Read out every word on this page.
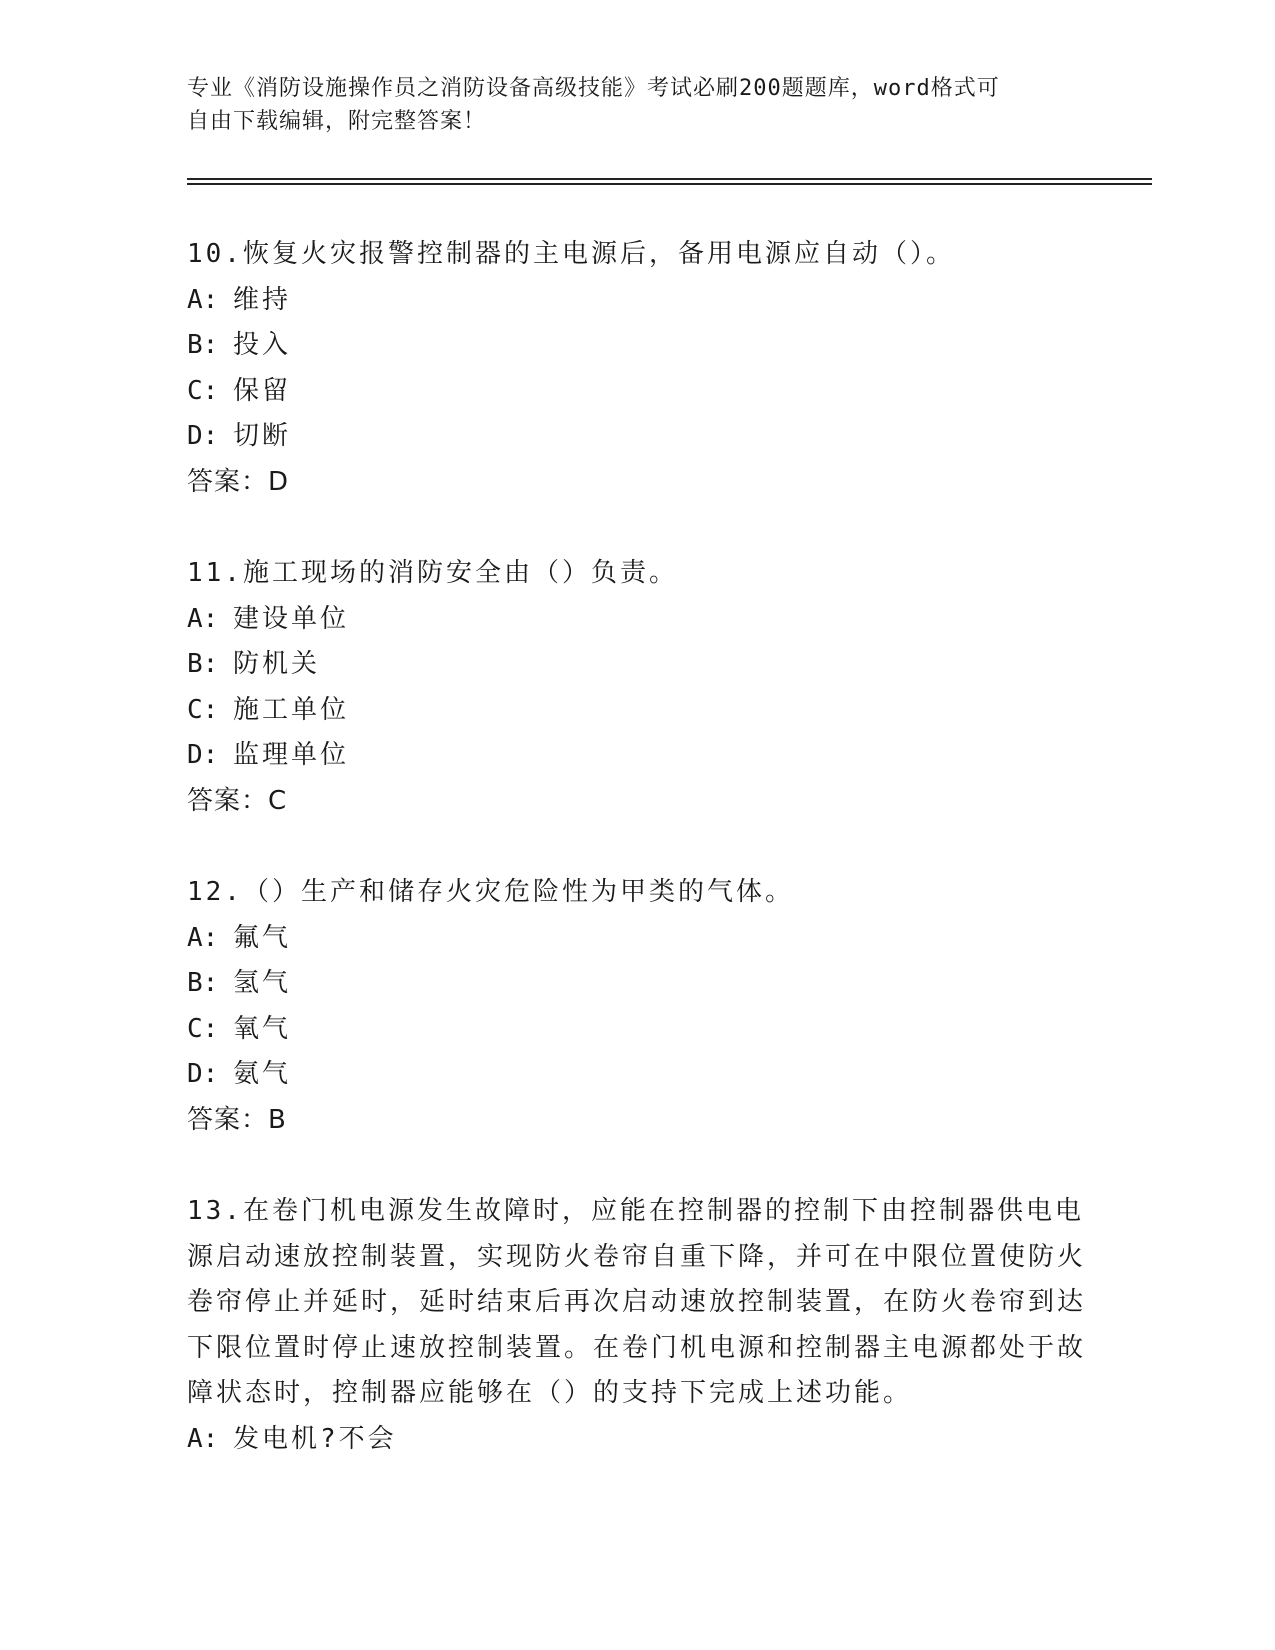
专业《消防设施操作员之消防设备高级技能》考试必刷200题题库，word格式可
自由下载编辑，附完整答案！

10.恢复火灾报警控制器的主电源后，备用电源应自动（）。

A: 维持

B: 投入

C: 保留

D: 切断

答案：D

11.施工现场的消防安全由（）负责。

A: 建设单位

B: 防机关

C: 施工单位

D: 监理单位

答案：C

12.（）生产和储存火灾危险性为甲类的气体。

A: 氟气

B: 氢气

C: 氧气

D: 氨气

答案：B

13.在卷门机电源发生故障时，应能在控制器的控制下由控制器供电电源启动速放控制装置，实现防火卷帘自重下降，并可在中限位置使防火卷帘停止并延时，延时结束后再次启动速放控制装置，在防火卷帘到达下限位置时停止速放控制装置。在卷门机电源和控制器主电源都处于故障状态时，控制器应能够在（）的支持下完成上述功能。

A: 发电机?不会
